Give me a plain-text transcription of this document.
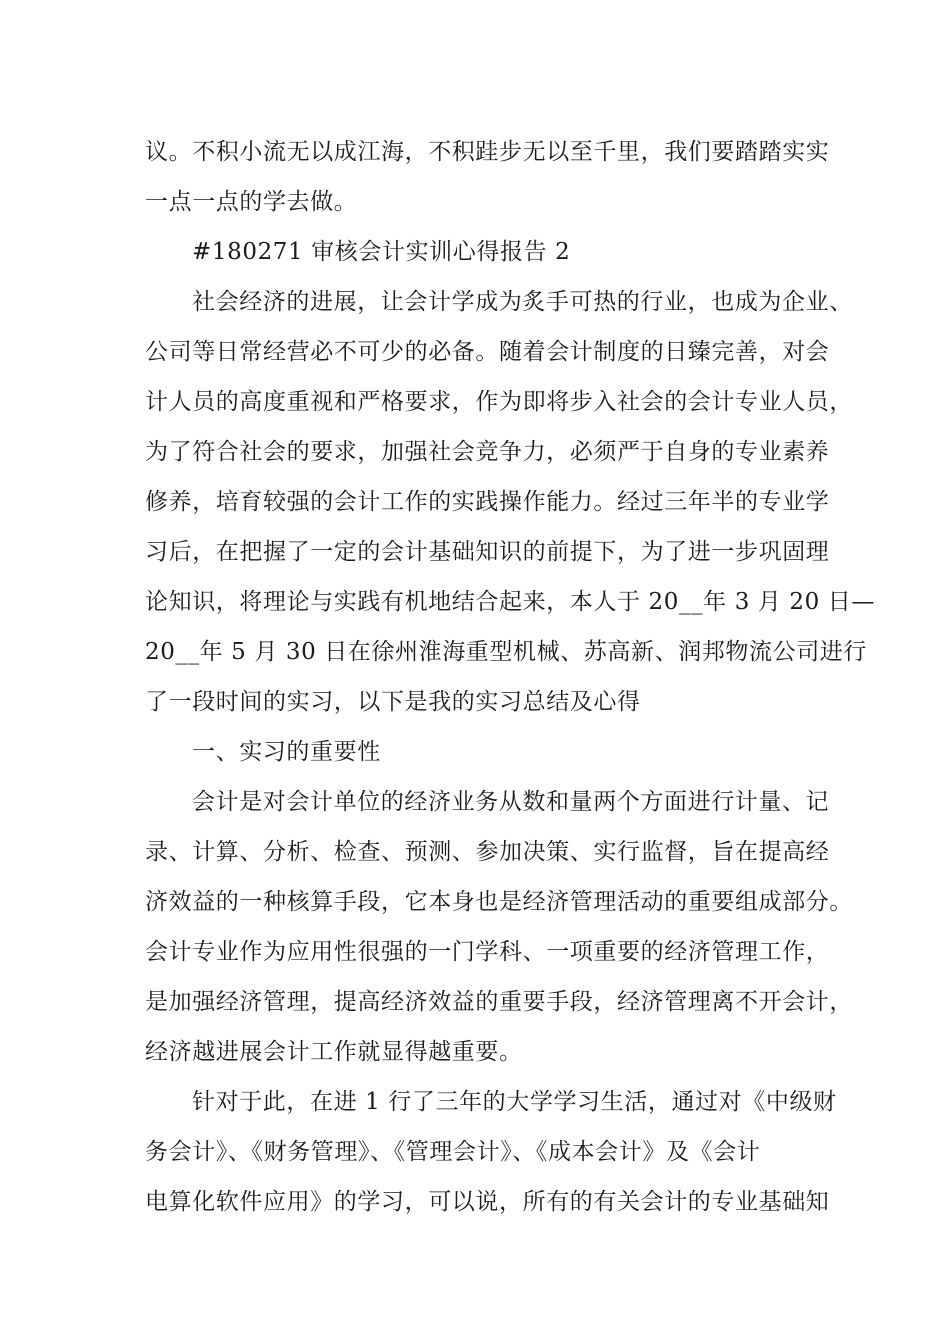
议。不积小流无以成江海，不积跬步无以至千里，我们要踏踏实实

一点一点的学去做。

#180271 审核会计实训心得报告 2

社会经济的进展，让会计学成为炙手可热的行业，也成为企业、

公司等日常经营必不可少的必备。随着会计制度的日臻完善，对会

计人员的高度重视和严格要求，作为即将步入社会的会计专业人员，

为了符合社会的要求，加强社会竞争力，必须严于自身的专业素养

修养，培育较强的会计工作的实践操作能力。经过三年半的专业学

习后，在把握了一定的会计基础知识的前提下，为了进一步巩固理

论知识，将理论与实践有机地结合起来，本人于 20__年 3 月 20 日—

20__年 5 月 30 日在徐州淮海重型机械、苏高新、润邦物流公司进行

了一段时间的实习，以下是我的实习总结及心得

一、实习的重要性

会计是对会计单位的经济业务从数和量两个方面进行计量、记

录、计算、分析、检查、预测、参加决策、实行监督，旨在提高经

济效益的一种核算手段，它本身也是经济管理活动的重要组成部分。

会计专业作为应用性很强的一门学科、一项重要的经济管理工作，

是加强经济管理，提高经济效益的重要手段，经济管理离不开会计，

经济越进展会计工作就显得越重要。

针对于此，在进 1 行了三年的大学学习生活，通过对《中级财

务会计》、《财务管理》、《管理会计》、《成本会计》及《会计

电算化软件应用》的学习，可以说，所有的有关会计的专业基础知
